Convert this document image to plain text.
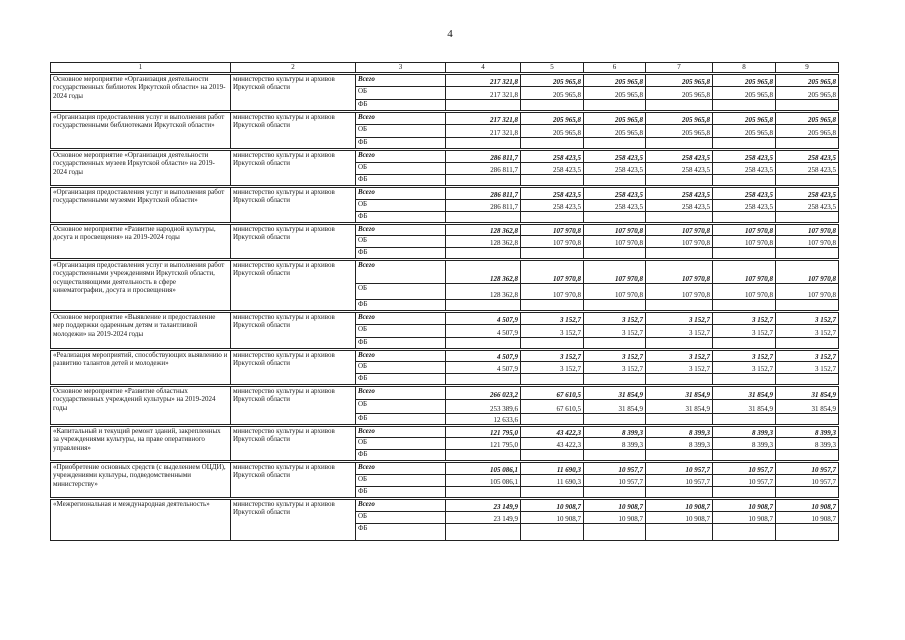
4
1	2	3	4	5	6	7	8	9
Основное мероприятие «Организация деятельности государственных библиотек Иркутской области» на 2019-2024 годы	министерство культуры и архивов Иркутской области	Всего	217 321,8	205 965,8	205 965,8	205 965,8	205 965,8	205 965,8
		ОБ	217 321,8	205 965,8	205 965,8	205 965,8	205 965,8	205 965,8
		ФБ						
«Организация предоставления услуг и выполнения работ государственными библиотеками Иркутской области»	министерство культуры и архивов Иркутской области	Всего	217 321,8	205 965,8	205 965,8	205 965,8	205 965,8	205 965,8
		ОБ	217 321,8	205 965,8	205 965,8	205 965,8	205 965,8	205 965,8
		ФБ						
Основное мероприятие «Организация деятельности государственных музеев Иркутской области» на 2019-2024 годы	министерство культуры и архивов Иркутской области	Всего	286 811,7	258 423,5	258 423,5	258 423,5	258 423,5	258 423,5
		ОБ	286 811,7	258 423,5	258 423,5	258 423,5	258 423,5	258 423,5
		ФБ						
«Организация предоставления услуг и выполнения работ государственными музеями Иркутской области»	министерство культуры и архивов Иркутской области	Всего	286 811,7	258 423,5	258 423,5	258 423,5	258 423,5	258 423,5
		ОБ	286 811,7	258 423,5	258 423,5	258 423,5	258 423,5	258 423,5
		ФБ						
Основное мероприятие «Развитие народной культуры, досуга и просвещения» на 2019-2024 годы	министерство культуры и архивов Иркутской области	Всего	128 362,8	107 970,8	107 970,8	107 970,8	107 970,8	107 970,8
		ОБ	128 362,8	107 970,8	107 970,8	107 970,8	107 970,8	107 970,8
		ФБ						
«Организация предоставления услуг и выполнения работ государственными учреждениями Иркутской области, осуществляющими деятельность в сфере кинематографии, досуга и просвещения»	министерство культуры и архивов Иркутской области	Всего	128 362,8	107 970,8	107 970,8	107 970,8	107 970,8	107 970,8
		ОБ	128 362,8	107 970,8	107 970,8	107 970,8	107 970,8	107 970,8
		ФБ						
Основное мероприятие «Выявление и предоставление мер поддержки одаренным детям и талантливой молодежи» на 2019-2024 годы	министерство культуры и архивов Иркутской области	Всего	4 507,9	3 152,7	3 152,7	3 152,7	3 152,7	3 152,7
		ОБ	4 507,9	3 152,7	3 152,7	3 152,7	3 152,7	3 152,7
		ФБ						
«Реализация мероприятий, способствующих выявлению и развитию талантов детей и молодежи»	министерство культуры и архивов Иркутской области	Всего	4 507,9	3 152,7	3 152,7	3 152,7	3 152,7	3 152,7
		ОБ	4 507,9	3 152,7	3 152,7	3 152,7	3 152,7	3 152,7
		ФБ						
Основное мероприятие «Развитие областных государственных учреждений культуры» на 2019-2024 годы	министерство культуры и архивов Иркутской области	Всего	266 023,2	67 610,5	31 854,9	31 854,9	31 854,9	31 854,9
		ОБ	253 389,6	67 610,5	31 854,9	31 854,9	31 854,9	31 854,9
		ФБ	12 633,6					
«Капитальный и текущий ремонт зданий, закрепленных за учреждениями культуры, на праве оперативного управления»	министерство культуры и архивов Иркутской области	Всего	121 795,0	43 422,3	8 399,3	8 399,3	8 399,3	8 399,3
		ОБ	121 795,0	43 422,3	8 399,3	8 399,3	8 399,3	8 399,3
		ФБ						
«Приобретение основных средств (с выделением ОЦДИ), учреждениями культуры, подведомственными министерству»	министерство культуры и архивов Иркутской области	Всего	105 086,1	11 690,3	10 957,7	10 957,7	10 957,7	10 957,7
		ОБ	105 086,1	11 690,3	10 957,7	10 957,7	10 957,7	10 957,7
		ФБ						
«Межрегиональная и международная деятельность»	министерство культуры и архивов Иркутской области	Всего	23 149,9	10 908,7	10 908,7	10 908,7	10 908,7	10 908,7
		ОБ	23 149,9	10 908,7	10 908,7	10 908,7	10 908,7	10 908,7
		ФБ						
